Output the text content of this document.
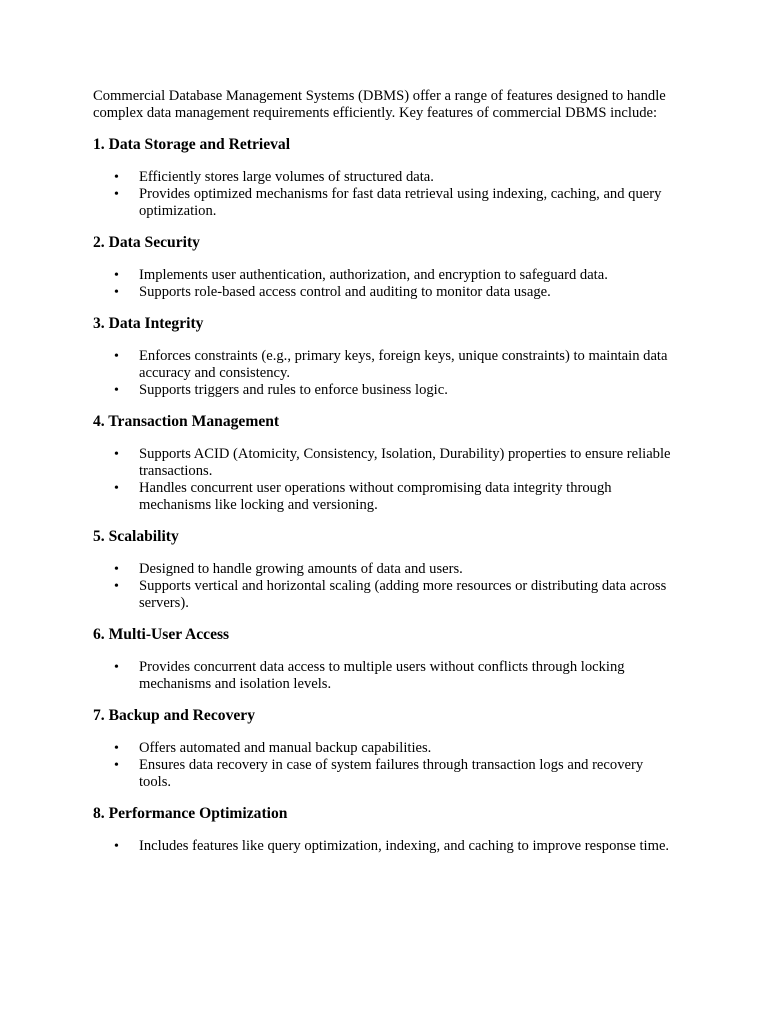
Commercial Database Management Systems (DBMS) offer a range of features designed to handle complex data management requirements efficiently. Key features of commercial DBMS include:

1. Data Storage and Retrieval
• Efficiently stores large volumes of structured data.
• Provides optimized mechanisms for fast data retrieval using indexing, caching, and query optimization.
2. Data Security
• Implements user authentication, authorization, and encryption to safeguard data.
• Supports role-based access control and auditing to monitor data usage.
3. Data Integrity
• Enforces constraints (e.g., primary keys, foreign keys, unique constraints) to maintain data accuracy and consistency.
• Supports triggers and rules to enforce business logic.
4. Transaction Management
• Supports ACID (Atomicity, Consistency, Isolation, Durability) properties to ensure reliable transactions.
• Handles concurrent user operations without compromising data integrity through mechanisms like locking and versioning.
5. Scalability
• Designed to handle growing amounts of data and users.
• Supports vertical and horizontal scaling (adding more resources or distributing data across servers).
6. Multi-User Access
• Provides concurrent data access to multiple users without conflicts through locking mechanisms and isolation levels.
7. Backup and Recovery
• Offers automated and manual backup capabilities.
• Ensures data recovery in case of system failures through transaction logs and recovery tools.
8. Performance Optimization
• Includes features like query optimization, indexing, and caching to improve response time.
